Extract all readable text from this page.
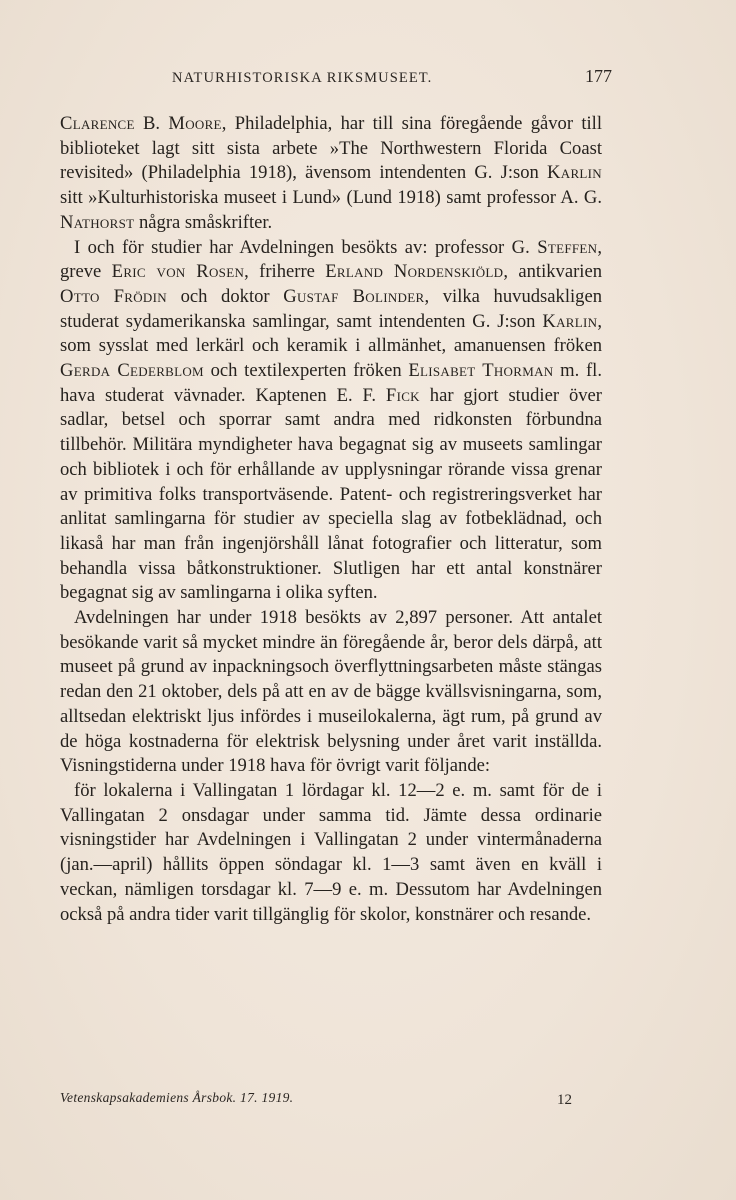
NATURHISTORISKA RIKSMUSEET.	177

Clarence B. Moore, Philadelphia, har till sina föregående gåvor till biblioteket lagt sitt sista arbete »The Northwestern Florida Coast revisited» (Philadelphia 1918), ävensom intendenten G. J:son Karlin sitt »Kulturhistoriska museet i Lund» (Lund 1918) samt professor A. G. Nathorst några småskrifter.

I och för studier har Avdelningen besökts av: professor G. Steffen, greve Eric von Rosen, friherre Erland Nordenskiöld, antikvarien Otto Frödin och doktor Gustaf Bolinder, vilka huvudsakligen studerat sydamerikanska samlingar, samt intendenten G. J:son Karlin, som sysslat med lerkärl och keramik i allmänhet, amanuensen fröken Gerda Cederblom och textilexperten fröken Elisabet Thorman m. fl. hava studerat vävnader. Kaptenen E. F. Fick har gjort studier över sadlar, betsel och sporrar samt andra med ridkonsten förbundna tillbehör. Militära myndigheter hava begagnat sig av museets samlingar och bibliotek i och för erhållande av upplysningar rörande vissa grenar av primitiva folks transportväsende. Patent- och registreringsverket har anlitat samlingarna för studier av speciella slag av fotbeklädnad, och likaså har man från ingenjörshåll lånat fotografier och litteratur, som behandla vissa båtkonstruktioner. Slutligen har ett antal konstnärer begagnat sig av samlingarna i olika syften.

Avdelningen har under 1918 besökts av 2,897 personer. Att antalet besökande varit så mycket mindre än föregående år, beror dels därpå, att museet på grund av inpackningsoch överflyttningsarbeten måste stängas redan den 21 oktober, dels på att en av de bägge kvällsvisningarna, som, alltsedan elektriskt ljus infördes i museilokalerna, ägt rum, på grund av de höga kostnaderna för elektrisk belysning under året varit inställda. Visningstiderna under 1918 hava för övrigt varit följande:

för lokalerna i Vallingatan 1 lördagar kl. 12—2 e. m. samt för de i Vallingatan 2 onsdagar under samma tid. Jämte dessa ordinarie visningstider har Avdelningen i Vallingatan 2 under vintermånaderna (jan.—april) hållits öppen söndagar kl. 1—3 samt även en kväll i veckan, nämligen torsdagar kl. 7—9 e. m. Dessutom har Avdelningen också på andra tider varit tillgänglig för skolor, konstnärer och resande.

Vetenskapsakademiens Årsbok. 17. 1919.	12
